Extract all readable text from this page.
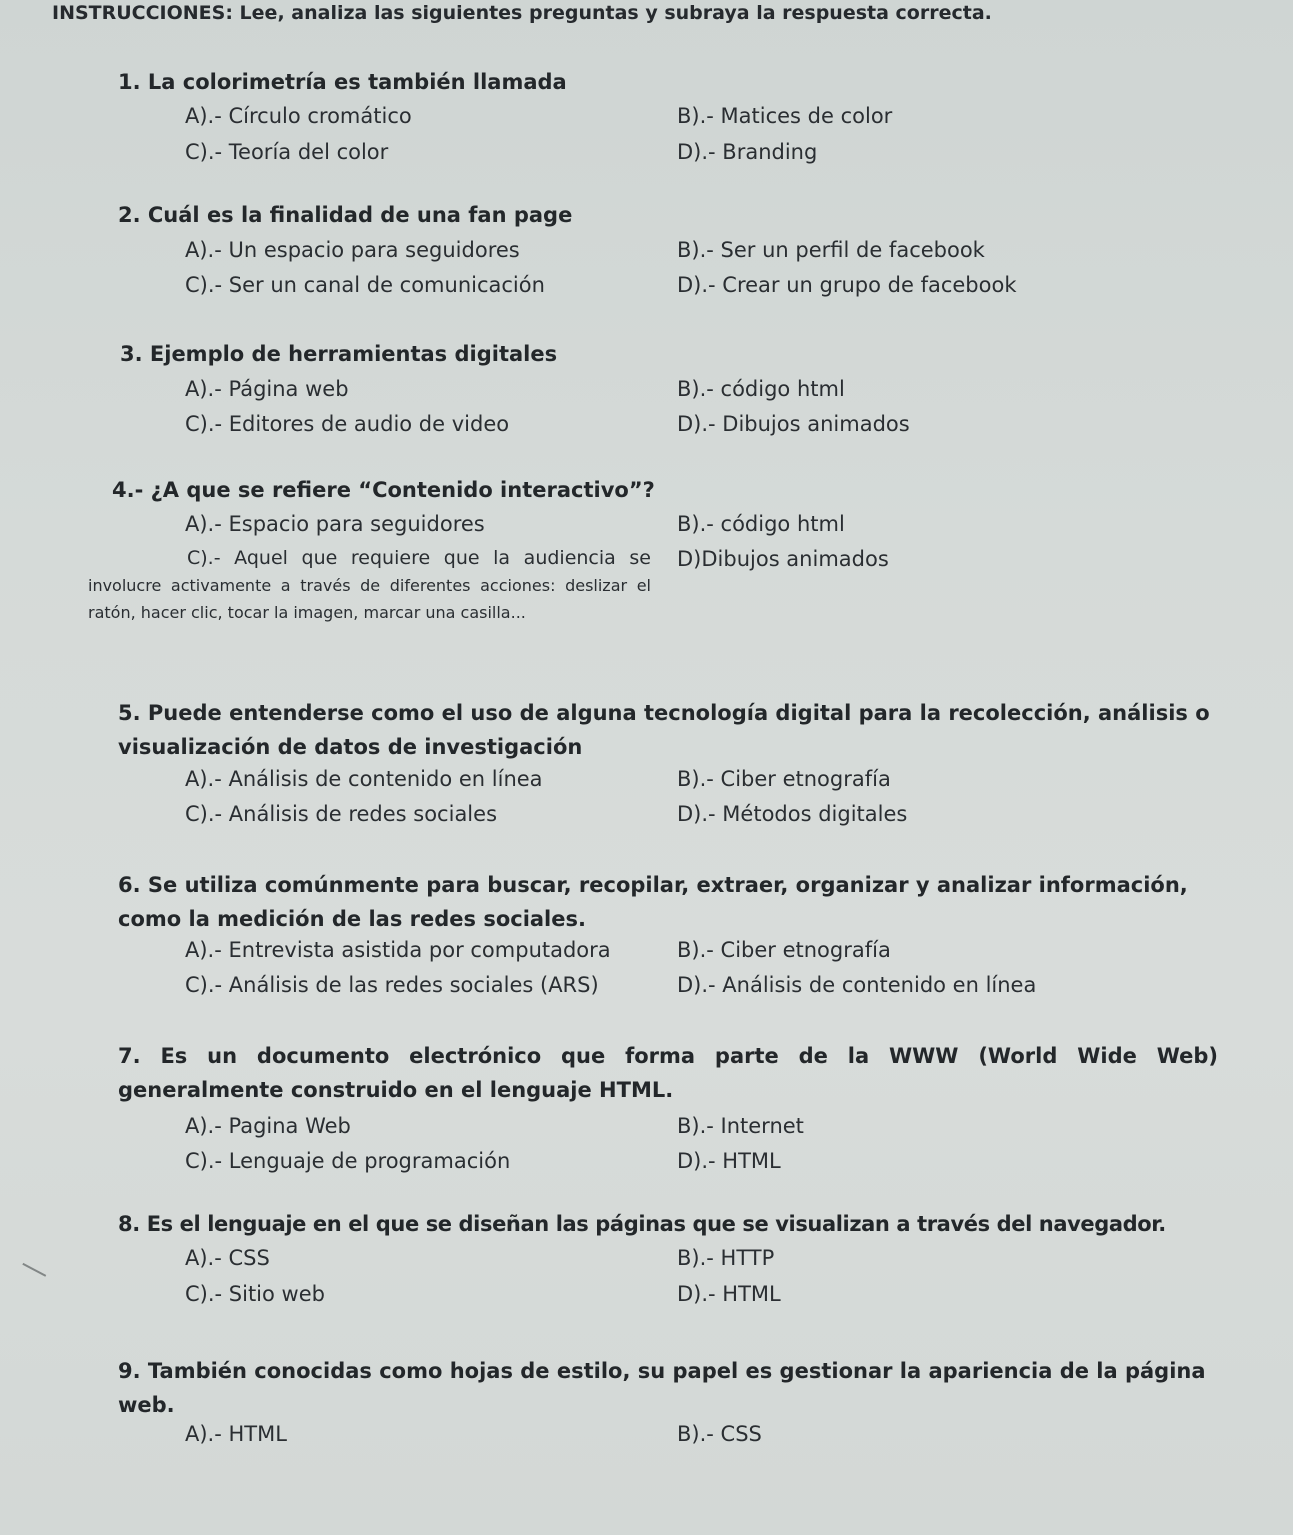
INSTRUCCIONES: Lee, analiza las siguientes preguntas y subraya la respuesta correcta.
1. La colorimetría es también llamada
A).- Círculo cromático	B).- Matices de color
C).- Teoría del color	D).- Branding
2. Cuál es la finalidad de una fan page
A).- Un espacio para seguidores	B).- Ser un perfil de facebook
C).- Ser un canal de comunicación	D).- Crear un grupo de facebook
3. Ejemplo de herramientas digitales
A).- Página web	B).- código html
C).- Editores de audio de video	D).- Dibujos animados
4.- ¿A que se refiere “Contenido interactivo”?
A).- Espacio para seguidores	B).- código html
C).- Aquel que requiere que la audiencia se
involucre activamente a través de diferentes acciones: deslizar el ratón, hacer clic, tocar la imagen, marcar una casilla...
D)Dibujos animados
5. Puede entenderse como el uso de alguna tecnología digital para la recolección, análisis o visualización de datos de investigación
A).- Análisis de contenido en línea	B).- Ciber etnografía
C).- Análisis de redes sociales	D).- Métodos digitales
6. Se utiliza comúnmente para buscar, recopilar, extraer, organizar y analizar información, como la medición de las redes sociales.
A).- Entrevista asistida por computadora	B).- Ciber etnografía
C).- Análisis de las redes sociales (ARS)	D).- Análisis de contenido en línea
7. Es un documento electrónico que forma parte de la WWW (World Wide Web) generalmente construido en el lenguaje HTML.
A).- Pagina Web	B).- Internet
C).- Lenguaje de programación	D).- HTML
8. Es el lenguaje en el que se diseñan las páginas que se visualizan a través del navegador.
A).- CSS	B).- HTTP
C).- Sitio web	D).- HTML
9. También conocidas como hojas de estilo, su papel es gestionar la apariencia de la página web.
A).- HTML	B).- CSS
